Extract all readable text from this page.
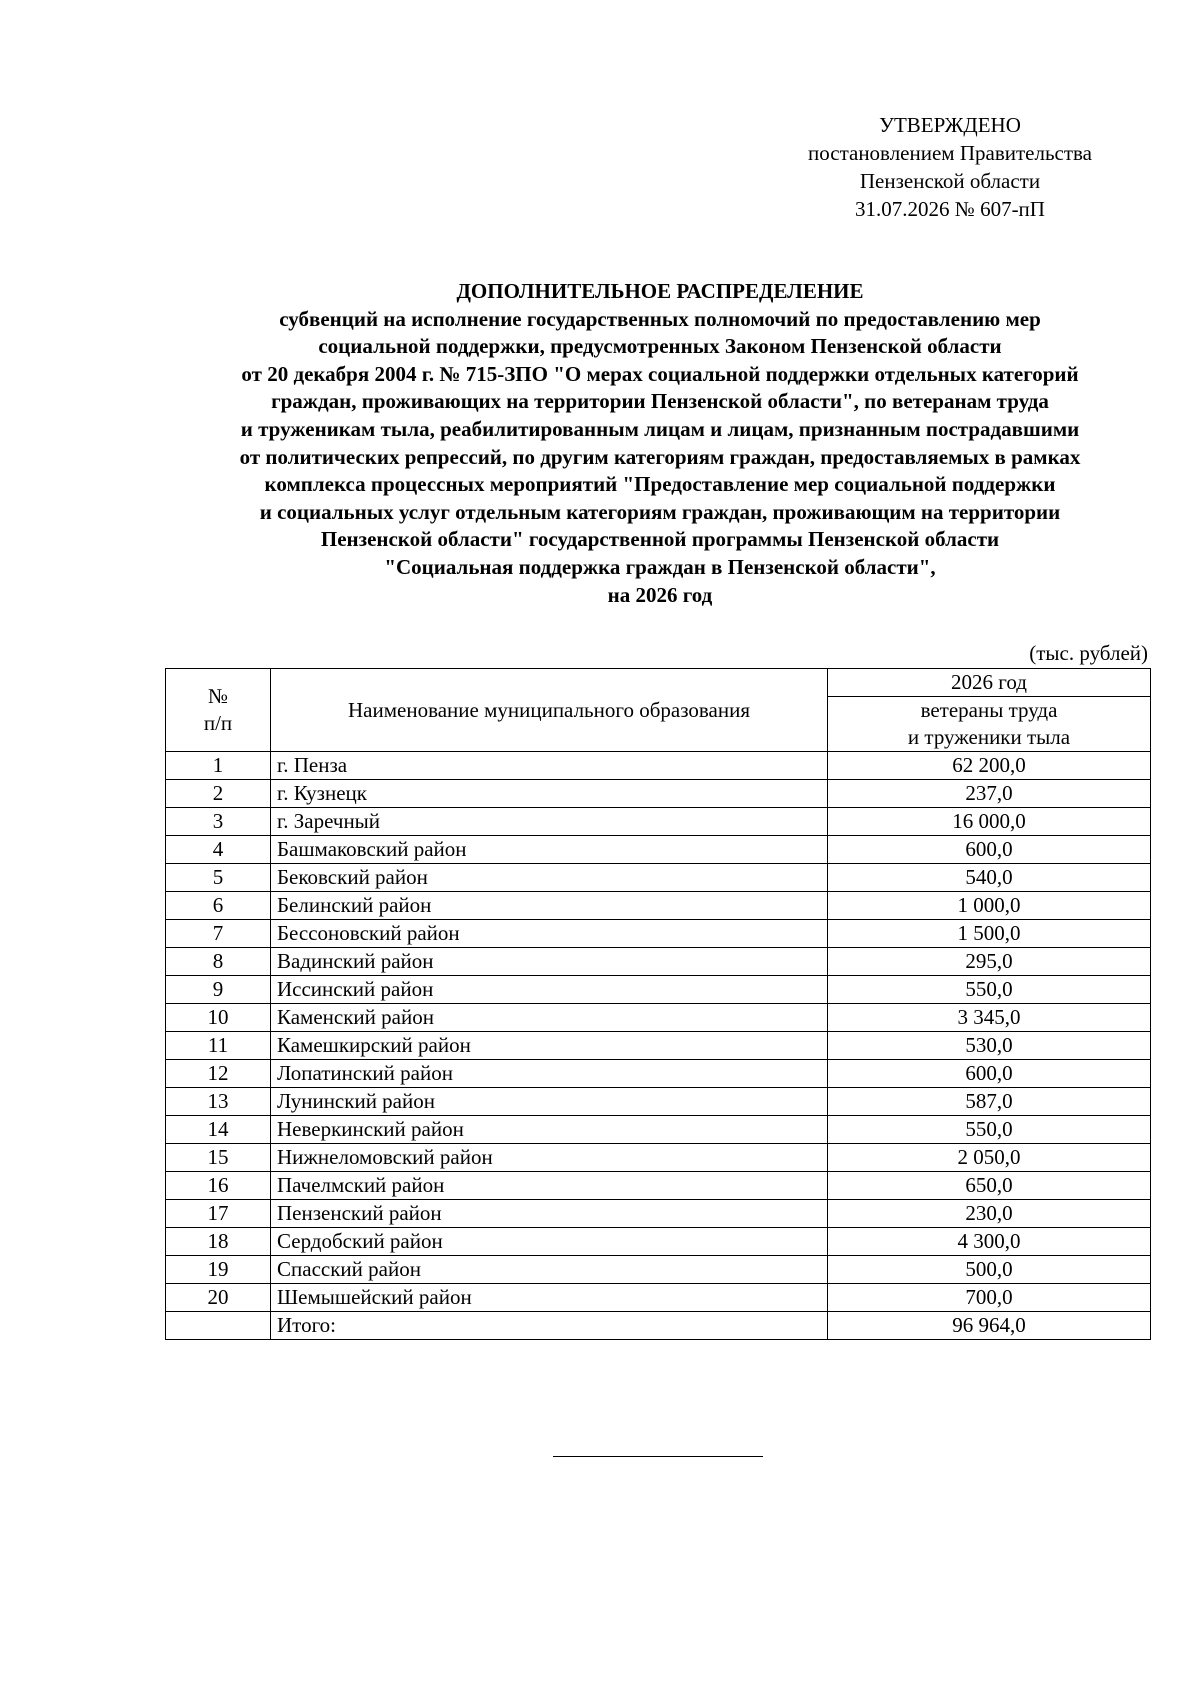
УТВЕРЖДЕНО
постановлением Правительства
Пензенской области
31.07.2026 № 607-пП
ДОПОЛНИТЕЛЬНОЕ РАСПРЕДЕЛЕНИЕ
субвенций на исполнение государственных полномочий по предоставлению мер
социальной поддержки, предусмотренных Законом Пензенской области
от 20 декабря 2004 г. № 715-ЗПО "О мерах социальной поддержки отдельных категорий
граждан, проживающих на территории Пензенской области", по ветеранам труда
и труженикам тыла, реабилитированным лицам и лицам, признанным пострадавшими
от политических репрессий, по другим категориям граждан, предоставляемых в рамках
комплекса процессных мероприятий "Предоставление мер социальной поддержки
и социальных услуг отдельным категориям граждан, проживающим на территории
Пензенской области" государственной программы Пензенской области
"Социальная поддержка граждан в Пензенской области",
на 2026 год
(тыс. рублей)
№
п/п	Наименование муниципального образования	2026 год

		ветераны труда
и труженики тыла

1	г. Пенза	62 200,0
2	г. Кузнецк	237,0
3	г. Заречный	16 000,0
4	Башмаковский район	600,0
5	Бековский район	540,0
6	Белинский район	1 000,0
7	Бессоновский район	1 500,0
8	Вадинский район	295,0
9	Иссинский район	550,0
10	Каменский район	3 345,0
11	Камешкирский район	530,0
12	Лопатинский район	600,0
13	Лунинский район	587,0
14	Неверкинский район	550,0
15	Нижнеломовский район	2 050,0
16	Пачелмский район	650,0
17	Пензенский район	230,0
18	Сердобский район	4 300,0
19	Спасский район	500,0
20	Шемышейский район	700,0
	Итого:	96 964,0
